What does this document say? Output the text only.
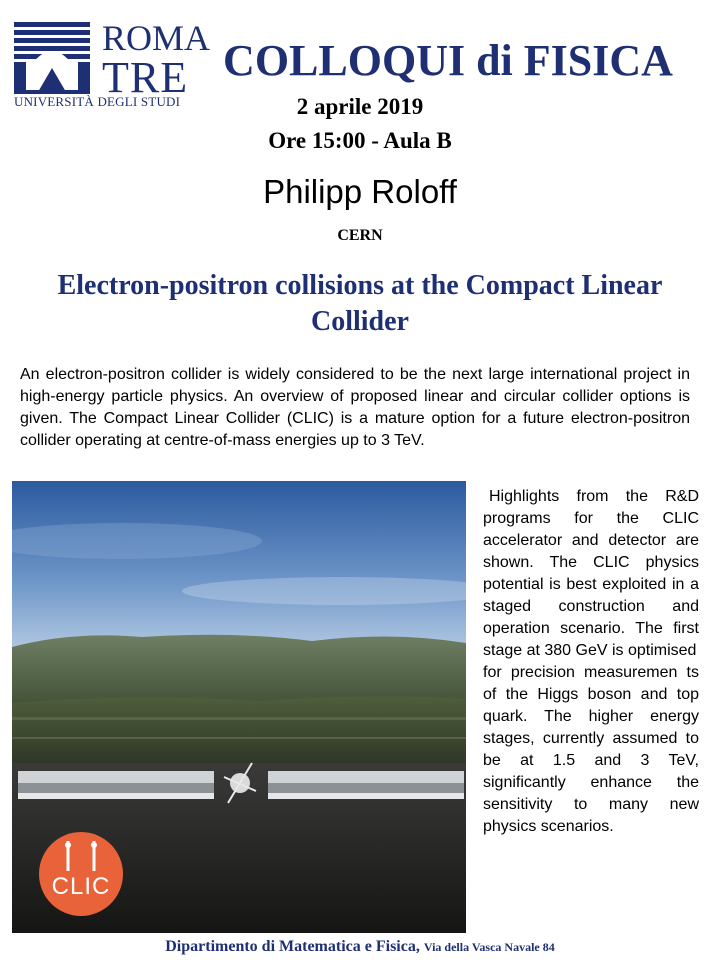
ROMA
TRE
UNIVERSITÀ DEGLI STUDI
COLLOQUI di FISICA
2 aprile 2019
Ore 15:00 - Aula B
Philipp Roloff
CERN
Electron-positron collisions at the Compact Linear Collider
An electron-positron collider is widely considered to be the next large international project in high-energy particle physics. An overview of proposed linear and circular collider options is given. The Compact Linear Collider (CLIC) is a mature option for a future electron-positron collider operating at centre-of-mass energies up to 3 TeV.
CLIC

Highlights from the R&D programs for the CLIC accelerator and detector are shown. The CLIC physics potential is best exploited in a staged construction and operation scenario. The first stage at 380 GeV is optimised

for precision measuremen ts of the Higgs boson and top quark. The higher energy stages, currently assumed to be at 1.5 and 3 TeV, significantly enhance the sensitivity to many new physics scenarios.

Dipartimento di Matematica e Fisica, Via della Vasca Navale 84
